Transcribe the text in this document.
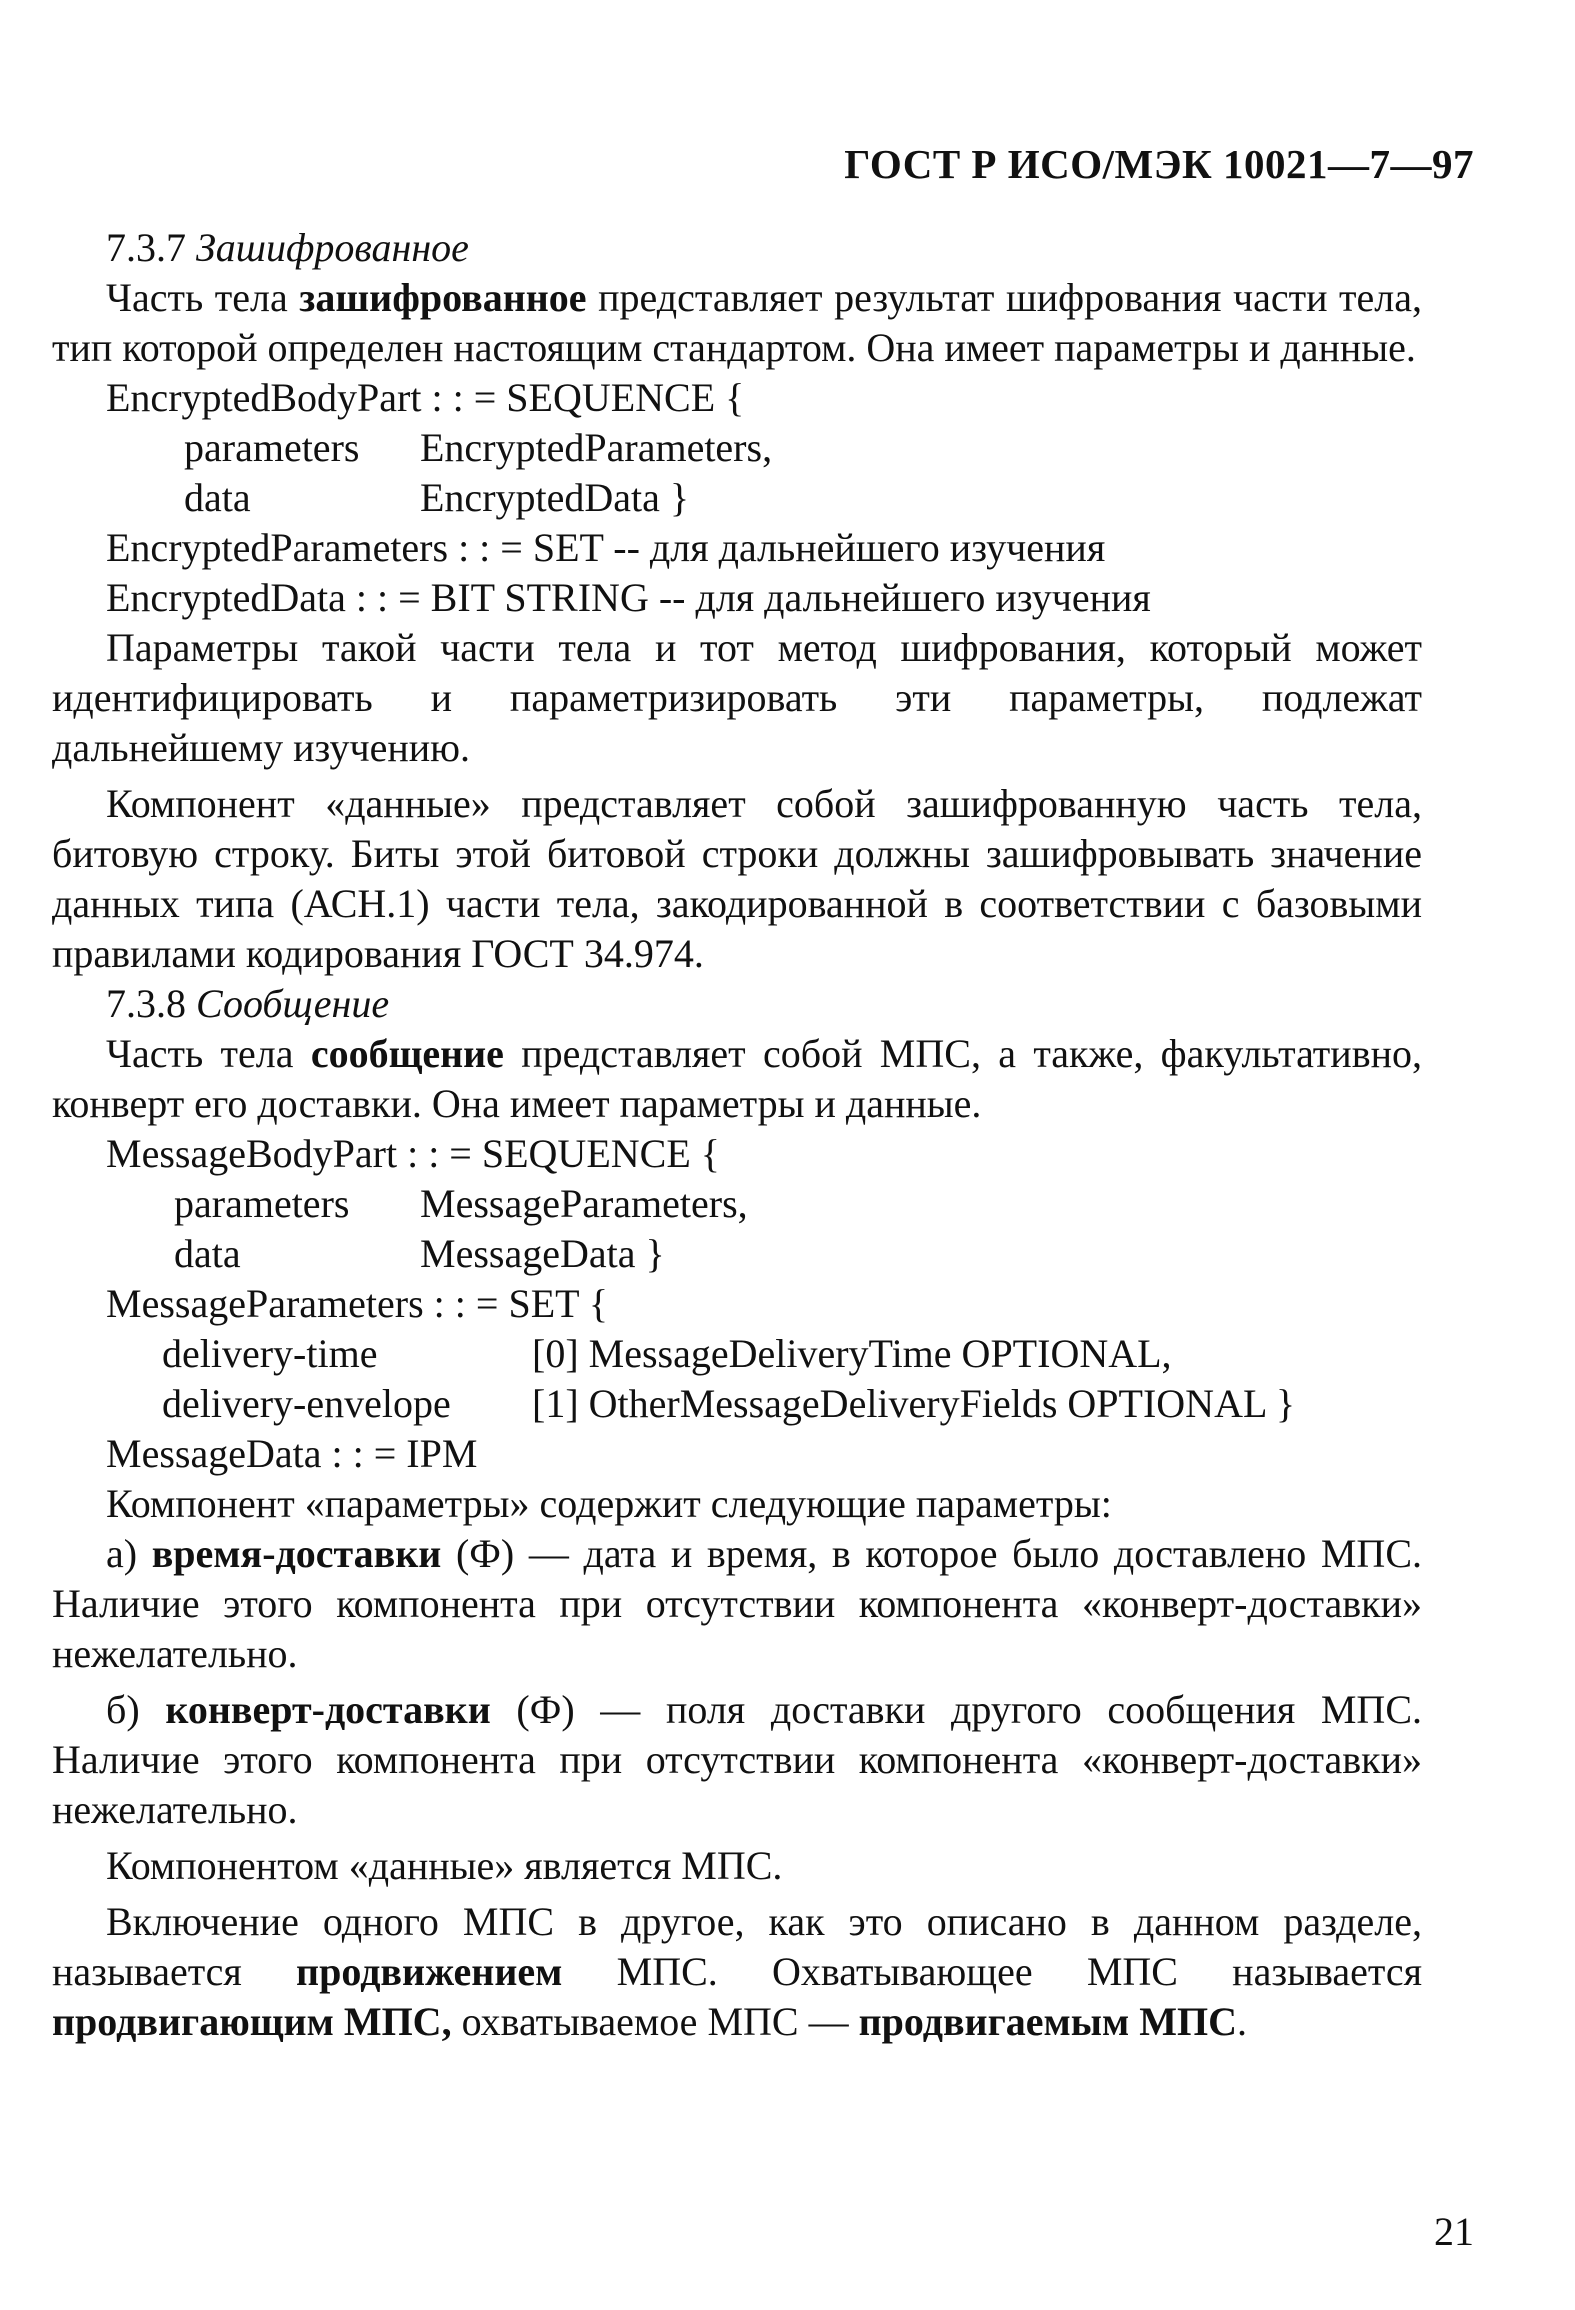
ГОСТ Р ИСО/МЭК 10021—7—97

7.3.7 Зашифрованное

Часть тела зашифрованное представляет результат шифрования части тела, тип которой определен настоящим стандартом. Она имеет параметры и данные.

EncryptedBodyPart : : = SEQUENCE {

parameters	EncryptedParameters,

data	EncryptedData }

EncryptedParameters : : = SET -- для дальнейшего изучения

EncryptedData : : = BIT STRING -- для дальнейшего изучения

Параметры такой части тела и тот метод шифрования, который может идентифицировать и параметризировать эти параметры, подлежат дальнейшему изучению.

Компонент «данные» представляет собой зашифрованную часть тела, битовую строку. Биты этой битовой строки должны зашифровывать значение данных типа (АСН.1) части тела, закодированной в соответствии с базовыми правилами кодирования ГОСТ 34.974.

7.3.8 Сообщение

Часть тела сообщение представляет собой МПС, а также, факультативно, конверт его доставки. Она имеет параметры и данные.

MessageBodyPart : : = SEQUENCE {

parameters	MessageParameters,

data	MessageData }

MessageParameters : : = SET {

delivery-time	[0] MessageDeliveryTime OPTIONAL,

delivery-envelope	[1] OtherMessageDeliveryFields OPTIONAL }

MessageData : : = IPM

Компонент «параметры» содержит следующие параметры:

а) время-доставки (Ф) — дата и время, в которое было доставлено МПС. Наличие этого компонента при отсутствии компонента «конверт-доставки» нежелательно.

б) конверт-доставки (Ф) — поля доставки другого сообщения МПС. Наличие этого компонента при отсутствии компонента «конверт-доставки» нежелательно.

Компонентом «данные» является МПС.

Включение одного МПС в другое, как это описано в данном разделе, называется продвижением МПС. Охватывающее МПС называется продвигающим МПС, охватываемое МПС — продвигаемым МПС.

21
